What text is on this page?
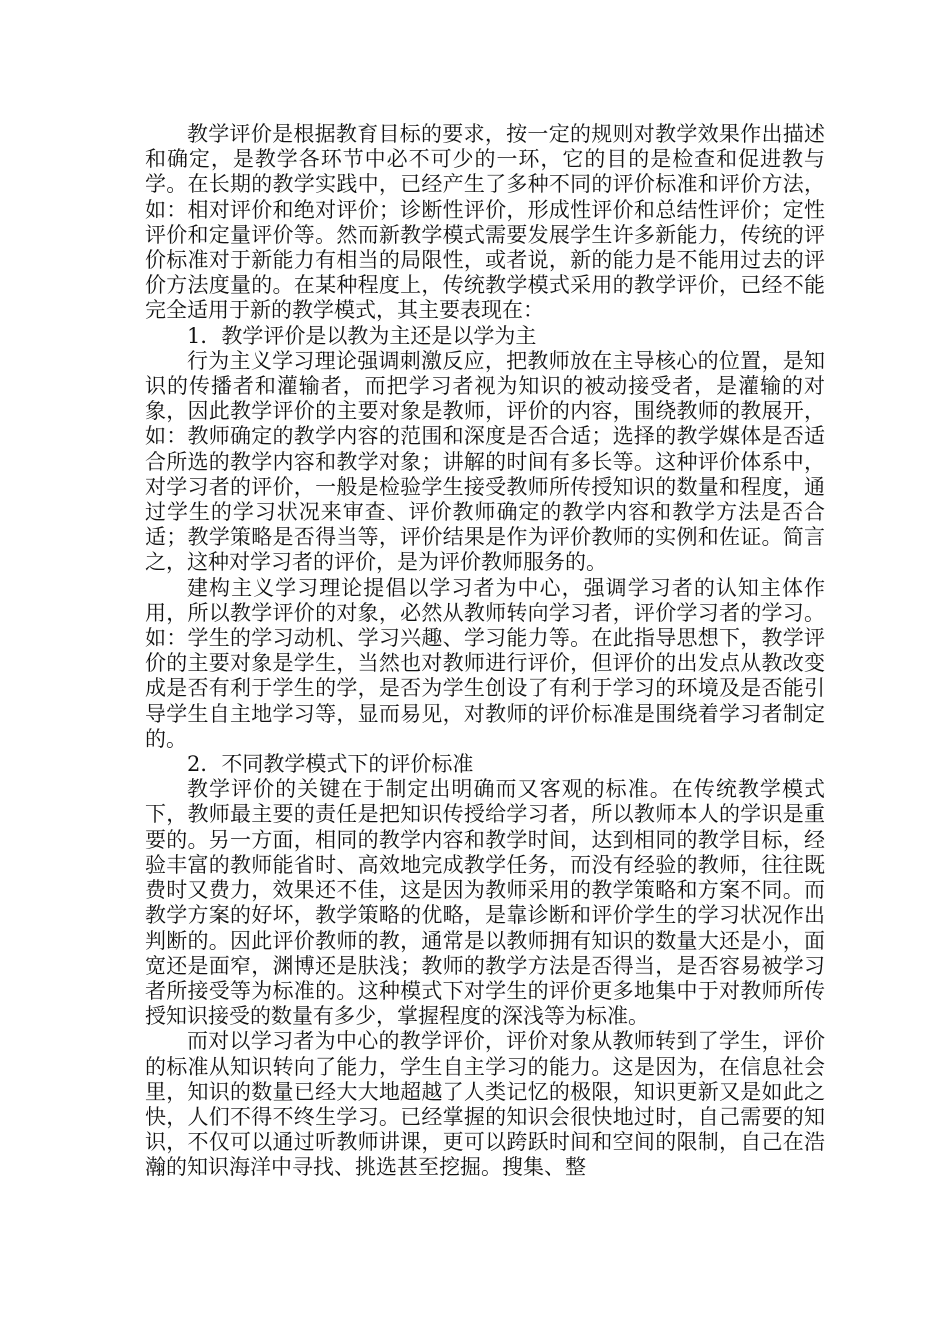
教学评价是根据教育目标的要求，按一定的规则对教学效果作出描述和确定，是教学各环节中必不可少的一环，它的目的是检查和促进教与学。在长期的教学实践中，已经产生了多种不同的评价标准和评价方法，如：相对评价和绝对评价；诊断性评价，形成性评价和总结性评价；定性评价和定量评价等。然而新教学模式需要发展学生许多新能力，传统的评价标准对于新能力有相当的局限性，或者说，新的能力是不能用过去的评价方法度量的。在某种程度上，传统教学模式采用的教学评价，已经不能完全适用于新的教学模式，其主要表现在：

1．教学评价是以教为主还是以学为主

行为主义学习理论强调刺激反应，把教师放在主导核心的位置，是知识的传播者和灌输者，而把学习者视为知识的被动接受者，是灌输的对象，因此教学评价的主要对象是教师，评价的内容，围绕教师的教展开，如：教师确定的教学内容的范围和深度是否合适；选择的教学媒体是否适合所选的教学内容和教学对象；讲解的时间有多长等。这种评价体系中，对学习者的评价，一般是检验学生接受教师所传授知识的数量和程度，通过学生的学习状况来审查、评价教师确定的教学内容和教学方法是否合适；教学策略是否得当等，评价结果是作为评价教师的实例和佐证。简言之，这种对学习者的评价，是为评价教师服务的。

建构主义学习理论提倡以学习者为中心，强调学习者的认知主体作用，所以教学评价的对象，必然从教师转向学习者，评价学习者的学习。如：学生的学习动机、学习兴趣、学习能力等。在此指导思想下，教学评价的主要对象是学生，当然也对教师进行评价，但评价的出发点从教改变成是否有利于学生的学，是否为学生创设了有利于学习的环境及是否能引导学生自主地学习等，显而易见，对教师的评价标准是围绕着学习者制定的。

2．不同教学模式下的评价标准

教学评价的关键在于制定出明确而又客观的标准。在传统教学模式下，教师最主要的责任是把知识传授给学习者，所以教师本人的学识是重要的。另一方面，相同的教学内容和教学时间，达到相同的教学目标，经验丰富的教师能省时、高效地完成教学任务，而没有经验的教师，往往既费时又费力，效果还不佳，这是因为教师采用的教学策略和方案不同。而教学方案的好坏，教学策略的优略，是靠诊断和评价学生的学习状况作出判断的。因此评价教师的教，通常是以教师拥有知识的数量大还是小，面宽还是面窄，渊博还是肤浅；教师的教学方法是否得当，是否容易被学习者所接受等为标准的。这种模式下对学生的评价更多地集中于对教师所传授知识接受的数量有多少，掌握程度的深浅等为标准。

而对以学习者为中心的教学评价，评价对象从教师转到了学生，评价的标准从知识转向了能力，学生自主学习的能力。这是因为，在信息社会里，知识的数量已经大大地超越了人类记忆的极限，知识更新又是如此之快，人们不得不终生学习。已经掌握的知识会很快地过时，自己需要的知识，不仅可以通过听教师讲课，更可以跨跃时间和空间的限制，自己在浩瀚的知识海洋中寻找、挑选甚至挖掘。搜集、整
